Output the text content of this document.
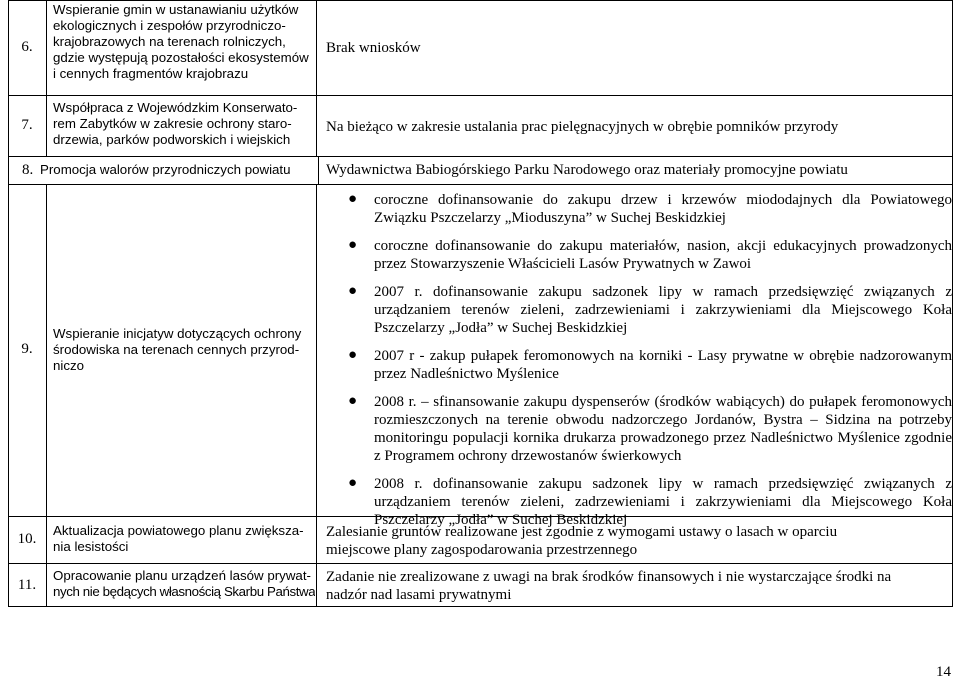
6.
Wspieranie gmin w ustanawianiu użytków
ekologicznych i zespołów przyrodniczo-
krajobrazowych na terenach rolniczych,
gdzie występują pozostałości ekosystemów
i cennych fragmentów krajobrazu
Brak wniosków
7.
Współpraca z Wojewódzkim Konserwato-
rem Zabytków w zakresie ochrony staro-
drzewia, parków podworskich i wiejskich
Na bieżąco w zakresie ustalania prac pielęgnacyjnych w obrębie pomników przyrody
8. Promocja walorów przyrodniczych powiatu	Wydawnictwa Babiogórskiego Parku Narodowego oraz materiały promocyjne powiatu
9.
Wspieranie inicjatyw dotyczących ochrony
środowiska na terenach cennych przyrod-
niczo
● coroczne dofinansowanie do zakupu drzew i krzewów miododajnych dla Powiatowego Związku Pszczelarzy „Mioduszyna” w Suchej Beskidzkiej
● coroczne dofinansowanie do zakupu materiałów, nasion, akcji edukacyjnych prowadzonych przez Stowarzyszenie Właścicieli Lasów Prywatnych w Zawoi
● 2007 r. dofinansowanie zakupu sadzonek lipy w ramach przedsięwzięć związanych z urządzaniem terenów zieleni, zadrzewieniami i zakrzywieniami dla Miejscowego Koła Pszczelarzy „Jodła” w Suchej Beskidzkiej
● 2007 r - zakup pułapek feromonowych na korniki - Lasy prywatne w obrębie nadzorowanym przez Nadleśnictwo Myślenice
● 2008 r. – sfinansowanie zakupu dyspenserów (środków wabiących) do pułapek feromonowych rozmieszczonych na terenie obwodu nadzorczego Jordanów, Bystra – Sidzina na potrzeby monitoringu populacji kornika drukarza prowadzonego przez Nadleśnictwo Myślenice zgodnie z Programem ochrony drzewostanów świerkowych
● 2008 r. dofinansowanie zakupu sadzonek lipy w ramach przedsięwzięć związanych z urządzaniem terenów zieleni, zadrzewieniami i zakrzywieniami dla Miejscowego Koła Pszczelarzy „Jodła” w Suchej Beskidzkiej
10.
Aktualizacja powiatowego planu zwiększa-
nia lesistości
Zalesianie gruntów realizowane jest zgodnie z wymogami ustawy o lasach w oparciu
miejscowe plany zagospodarowania przestrzennego
11.
Opracowanie planu urządzeń lasów prywat-
nych nie będących własnością Skarbu Państwa
Zadanie nie zrealizowane z uwagi na brak środków finansowych i nie wystarczające środki na
nadzór nad lasami prywatnymi
14
